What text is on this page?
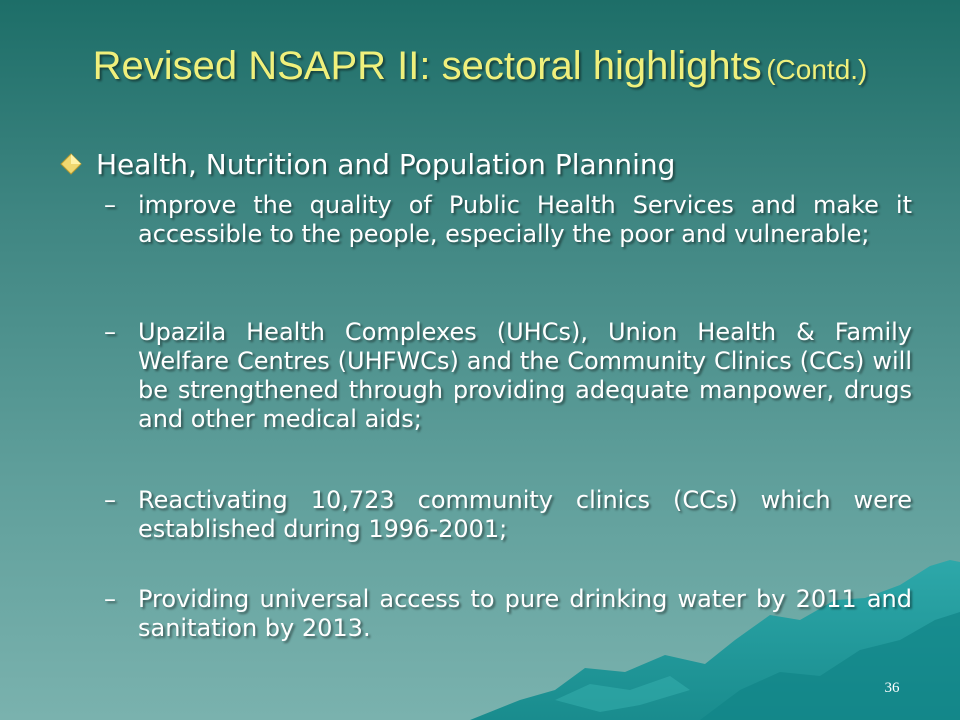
Revised NSAPR II: sectoral highlights (Contd.)
Health, Nutrition and Population Planning
– improve the quality of Public Health Services and make it accessible to the people, especially the poor and vulnerable;
– Upazila Health Complexes (UHCs), Union Health & Family Welfare Centres (UHFWCs) and the Community Clinics (CCs) will be strengthened through providing adequate manpower, drugs and other medical aids;
– Reactivating 10,723 community clinics (CCs) which were established during 1996-2001;
– Providing universal access to pure drinking water by 2011 and sanitation by 2013.
36
